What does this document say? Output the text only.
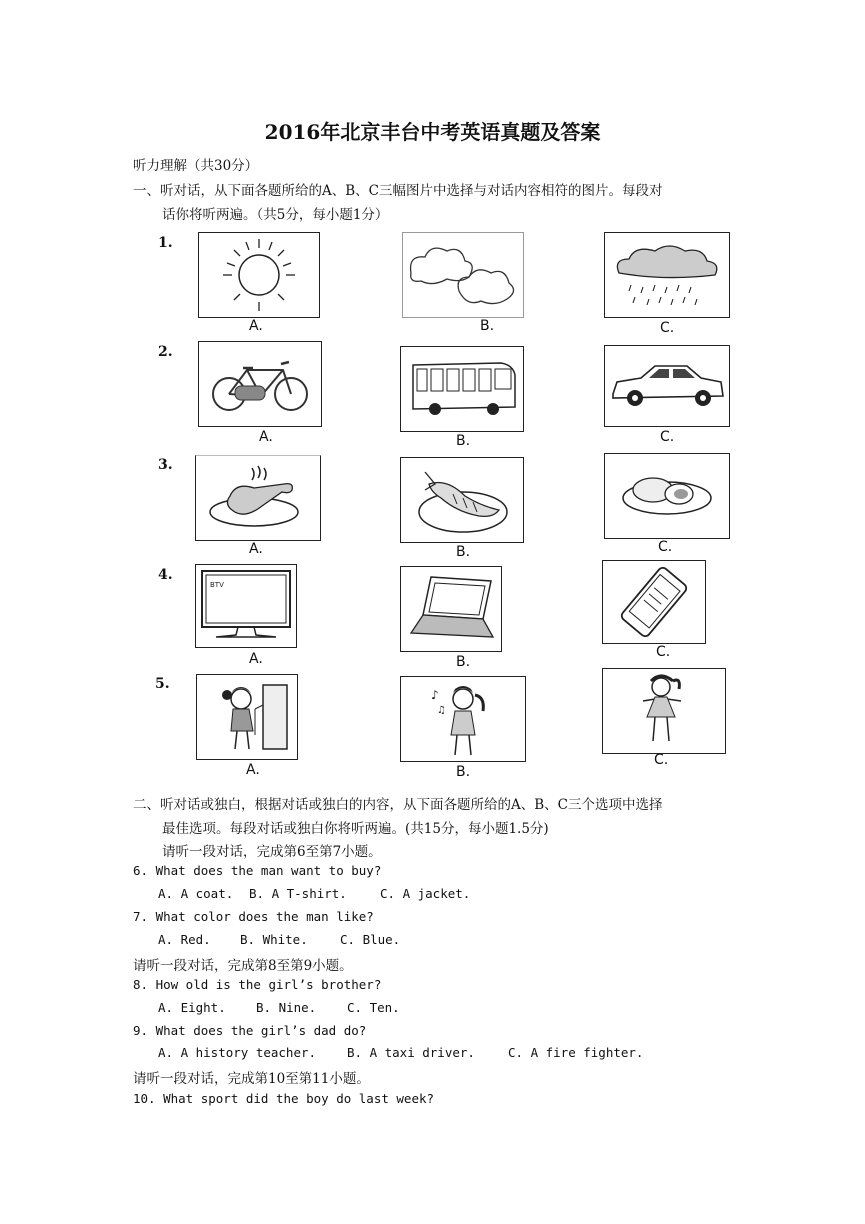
2016年北京丰台中考英语真题及答案
听力理解（共30分）
一、听对话，从下面各题所给的A、B、C三幅图片中选择与对话内容相符的图片。每段对
话你将听两遍。（共5分，每小题1分）
1.
2.
3.
4.
5.
A.	B.	C.
A.	B.	C.
A.	B.	C.
BTV
A.	B.
C.
A.
♪
♫
B.
C.
二、听对话或独白，根据对话或独白的内容，从下面各题所给的A、B、C三个选项中选择
最佳选项。每段对话或独白你将听两遍。(共15分，每小题1.5分)
请听一段对话，完成第6至第7小题。
6. What does the man want to buy?
A. A coat. B. A T-shirt.	C. A jacket.
7. What color does the man like?
A. Red. B. White.	C. Blue.
请听一段对话，完成第8至第9小题。
8. How old is the girl’s brother?
A. Eight. B. Nine. C. Ten.
9. What does the girl’s dad do?
A. A history teacher. B. A taxi driver.	C. A fire fighter.
请听一段对话，完成第10至第11小题。
10. What sport did the boy do last week?
